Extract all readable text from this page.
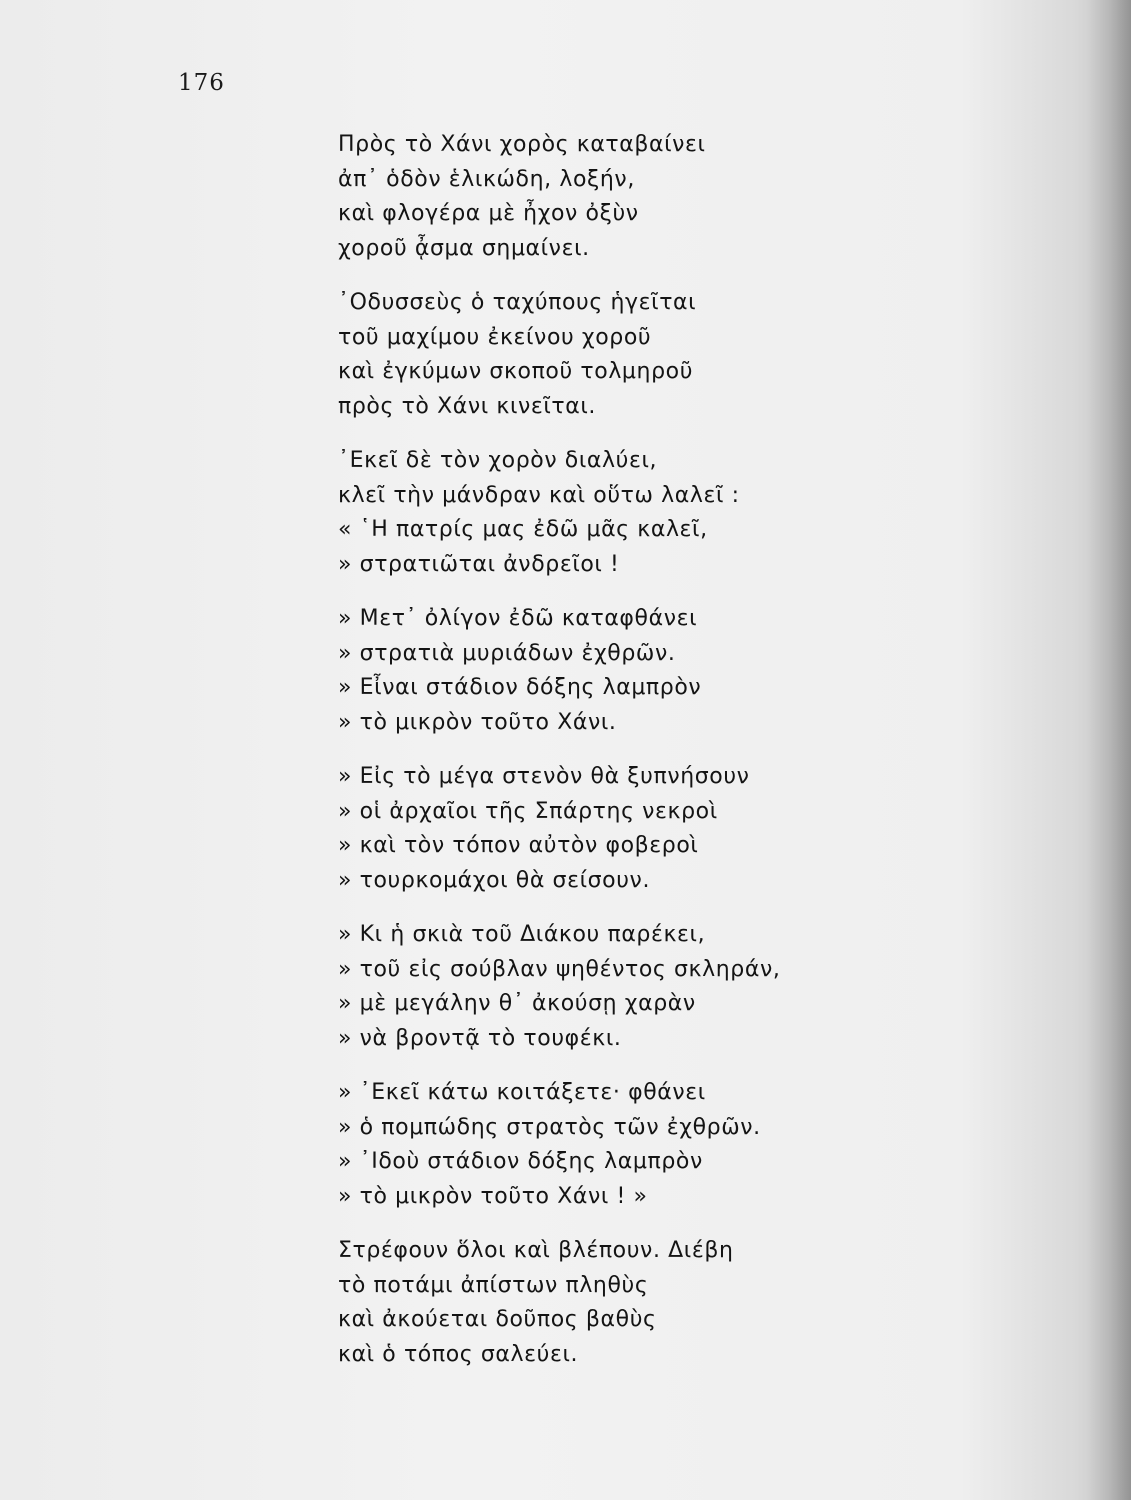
176
Πρὸς τὸ Χάνι χορὸς καταβαίνει
ἀπ᾽ ὁδὸν ἑλικώδη, λοξήν,
καὶ φλογέρα μὲ ἦχον ὀξὺν
χοροῦ ᾆσμα σημαίνει.
᾿Οδυσσεὺς ὁ ταχύπους ἡγεῖται
τοῦ μαχίμου ἐκείνου χοροῦ
καὶ ἐγκύμων σκοποῦ τολμηροῦ
πρὸς τὸ Χάνι κινεῖται.
᾿Εκεῖ δὲ τὸν χορὸν διαλύει,
κλεῖ τὴν μάνδραν καὶ οὕτω λαλεῖ :
« ῾Η πατρίς μας ἐδῶ μᾶς καλεῖ,
» στρατιῶται ἀνδρεῖοι !
» Μετ᾽ ὀλίγον ἐδῶ καταφθάνει
» στρατιὰ μυριάδων ἐχθρῶν.
» Εἶναι στάδιον δόξης λαμπρὸν
» τὸ μικρὸν τοῦτο Χάνι.
» Εἰς τὸ μέγα στενὸν θὰ ξυπνήσουν
» οἱ ἀρχαῖοι τῆς Σπάρτης νεκροὶ
» καὶ τὸν τόπον αὐτὸν φοβεροὶ
» τουρκομάχοι θὰ σείσουν.
» Κι ἡ σκιὰ τοῦ Διάκου παρέκει,
» τοῦ εἰς σούβλαν ψηθέντος σκληράν,
» μὲ μεγάλην θ᾽ ἀκούσῃ χαρὰν
» νὰ βροντᾷ τὸ τουφέκι.
» ᾿Εκεῖ κάτω κοιτάξετε· φθάνει
» ὁ πομπώδης στρατὸς τῶν ἐχθρῶν.
» ᾿Ιδοὺ στάδιον δόξης λαμπρὸν
» τὸ μικρὸν τοῦτο Χάνι ! »
Στρέφουν ὅλοι καὶ βλέπουν. Διέβη
τὸ ποτάμι ἀπίστων πληθὺς
καὶ ἀκούεται δοῦπος βαθὺς
καὶ ὁ τόπος σαλεύει.
